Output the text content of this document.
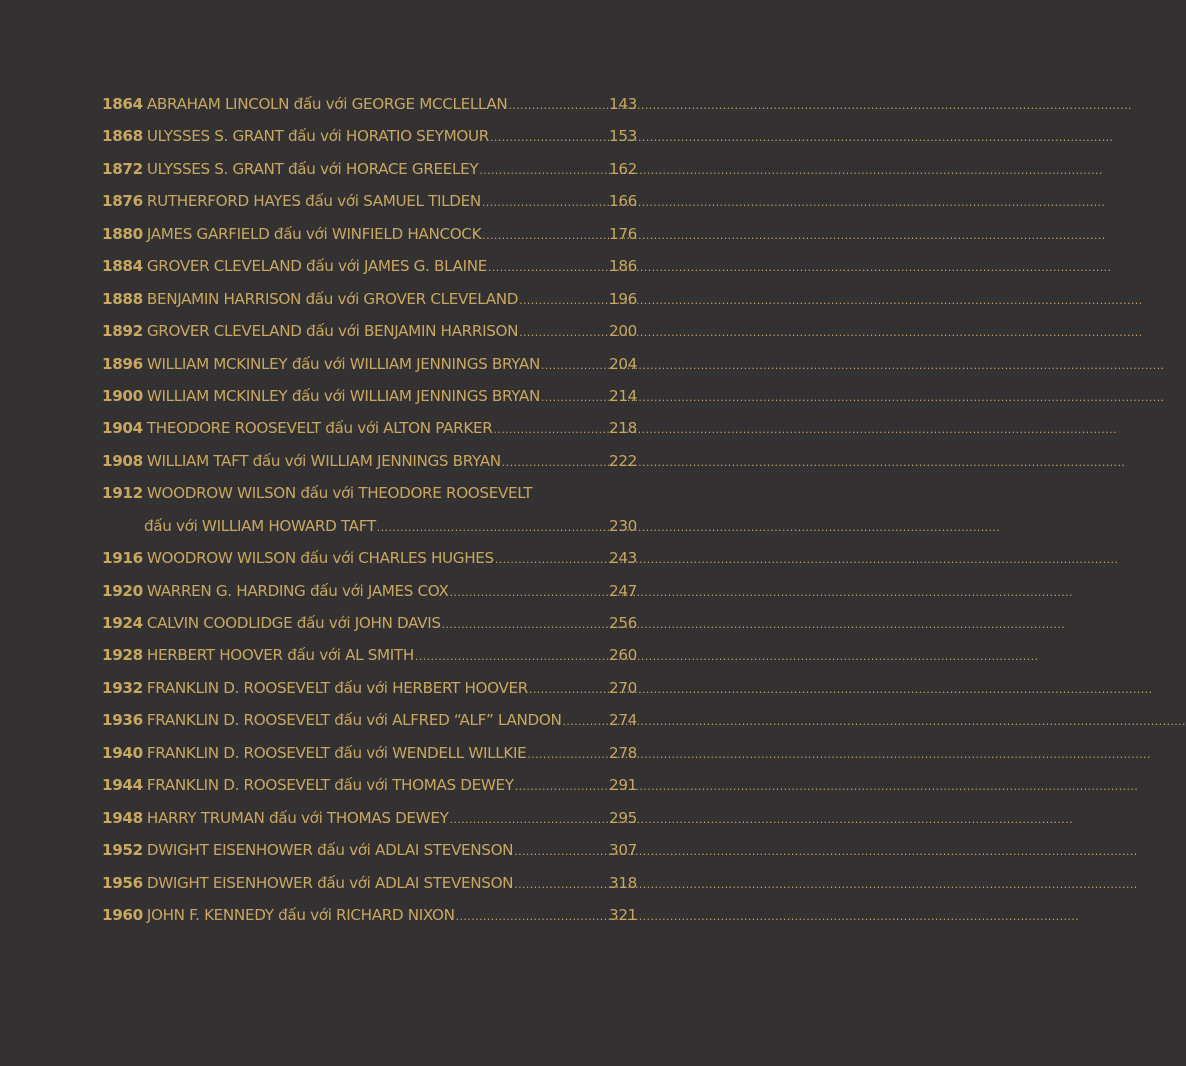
1864 ABRAHAM LINCOLN đấu với GEORGE MCCLELLAN .....	143
1868 ULYSSES S. GRANT đấu với HORATIO SEYMOUR .....	153
1872 ULYSSES S. GRANT đấu với HORACE GREELEY .....	162
1876 RUTHERFORD HAYES đấu với SAMUEL TILDEN .....	166
1880 JAMES GARFIELD đấu với WINFIELD HANCOCK .....	176
1884 GROVER CLEVELAND đấu với JAMES G. BLAINE .....	186
1888 BENJAMIN HARRISON đấu với GROVER CLEVELAND .....	196
1892 GROVER CLEVELAND đấu với BENJAMIN HARRISON .....	200
1896 WILLIAM MCKINLEY đấu với WILLIAM JENNINGS BRYAN .....	204
1900 WILLIAM MCKINLEY đấu với WILLIAM JENNINGS BRYAN .....	214
1904 THEODORE ROOSEVELT đấu với ALTON PARKER .....	218
1908 WILLIAM TAFT đấu với WILLIAM JENNINGS BRYAN .....	222
1912 WOODROW WILSON đấu với THEODORE ROOSEVELT
đấu với WILLIAM HOWARD TAFT .....	230
1916 WOODROW WILSON đấu với CHARLES HUGHES .....	243
1920 WARREN G. HARDING đấu với JAMES COX .....	247
1924 CALVIN COODLIDGE đấu với JOHN DAVIS .....	256
1928 HERBERT HOOVER đấu với AL SMITH .....	260
1932 FRANKLIN D. ROOSEVELT đấu với HERBERT HOOVER .....	270
1936 FRANKLIN D. ROOSEVELT đấu với ALFRED “ALF” LANDON .....	274
1940 FRANKLIN D. ROOSEVELT đấu với WENDELL WILLKIE .....	278
1944 FRANKLIN D. ROOSEVELT đấu với THOMAS DEWEY .....	291
1948 HARRY TRUMAN đấu với THOMAS DEWEY .....	295
1952 DWIGHT EISENHOWER đấu với ADLAI STEVENSON .....	307
1956 DWIGHT EISENHOWER đấu với ADLAI STEVENSON .....	318
1960 JOHN F. KENNEDY đấu với RICHARD NIXON .....	321
